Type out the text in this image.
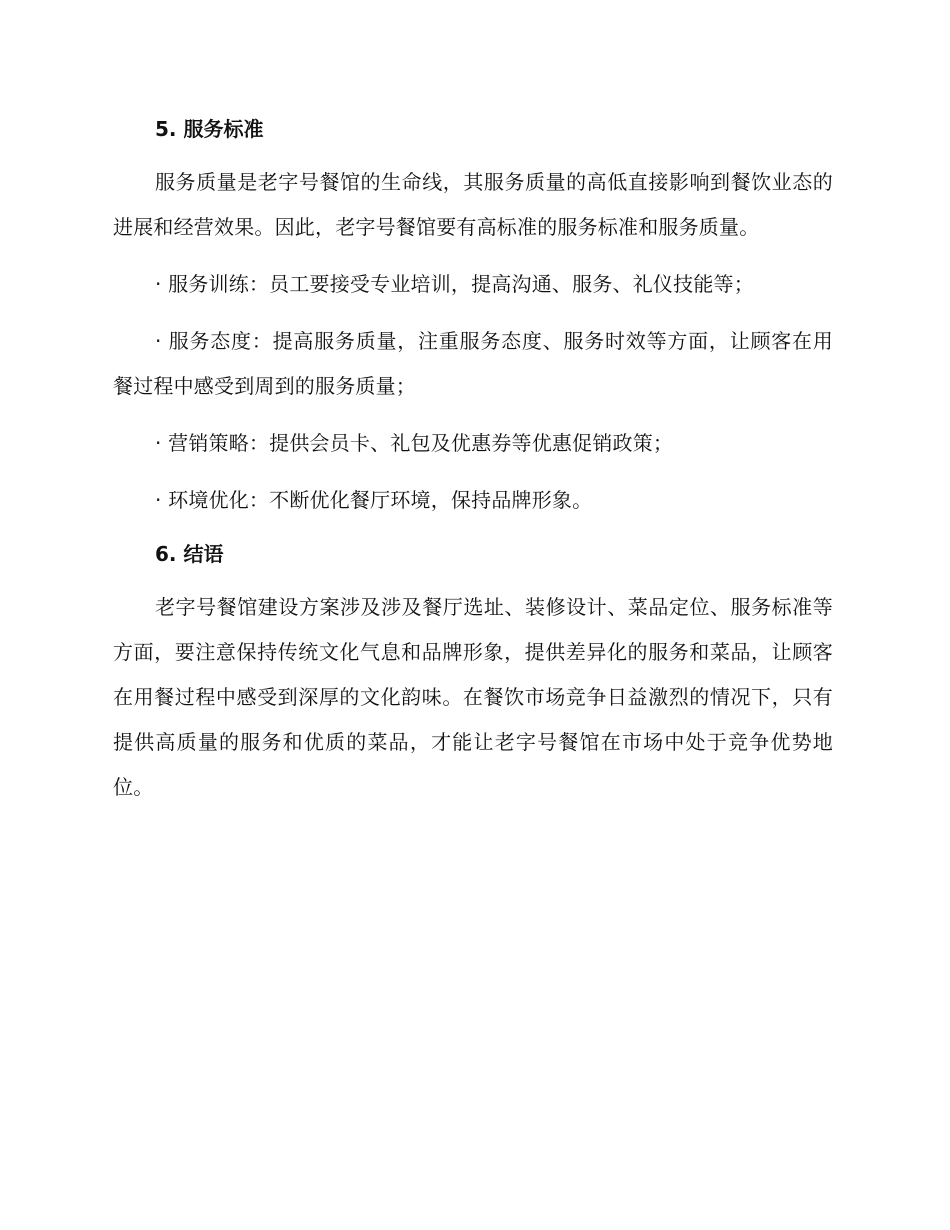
5. 服务标准

服务质量是老字号餐馆的生命线，其服务质量的高低直接影响到餐饮业态的进展和经营效果。因此，老字号餐馆要有高标准的服务标准和服务质量。

· 服务训练：员工要接受专业培训，提高沟通、服务、礼仪技能等；

· 服务态度：提高服务质量，注重服务态度、服务时效等方面，让顾客在用餐过程中感受到周到的服务质量；

· 营销策略：提供会员卡、礼包及优惠券等优惠促销政策；

· 环境优化：不断优化餐厅环境，保持品牌形象。

6. 结语

老字号餐馆建设方案涉及涉及餐厅选址、装修设计、菜品定位、服务标准等方面，要注意保持传统文化气息和品牌形象，提供差异化的服务和菜品，让顾客在用餐过程中感受到深厚的文化韵味。在餐饮市场竞争日益激烈的情况下，只有提供高质量的服务和优质的菜品，才能让老字号餐馆在市场中处于竞争优势地位。
